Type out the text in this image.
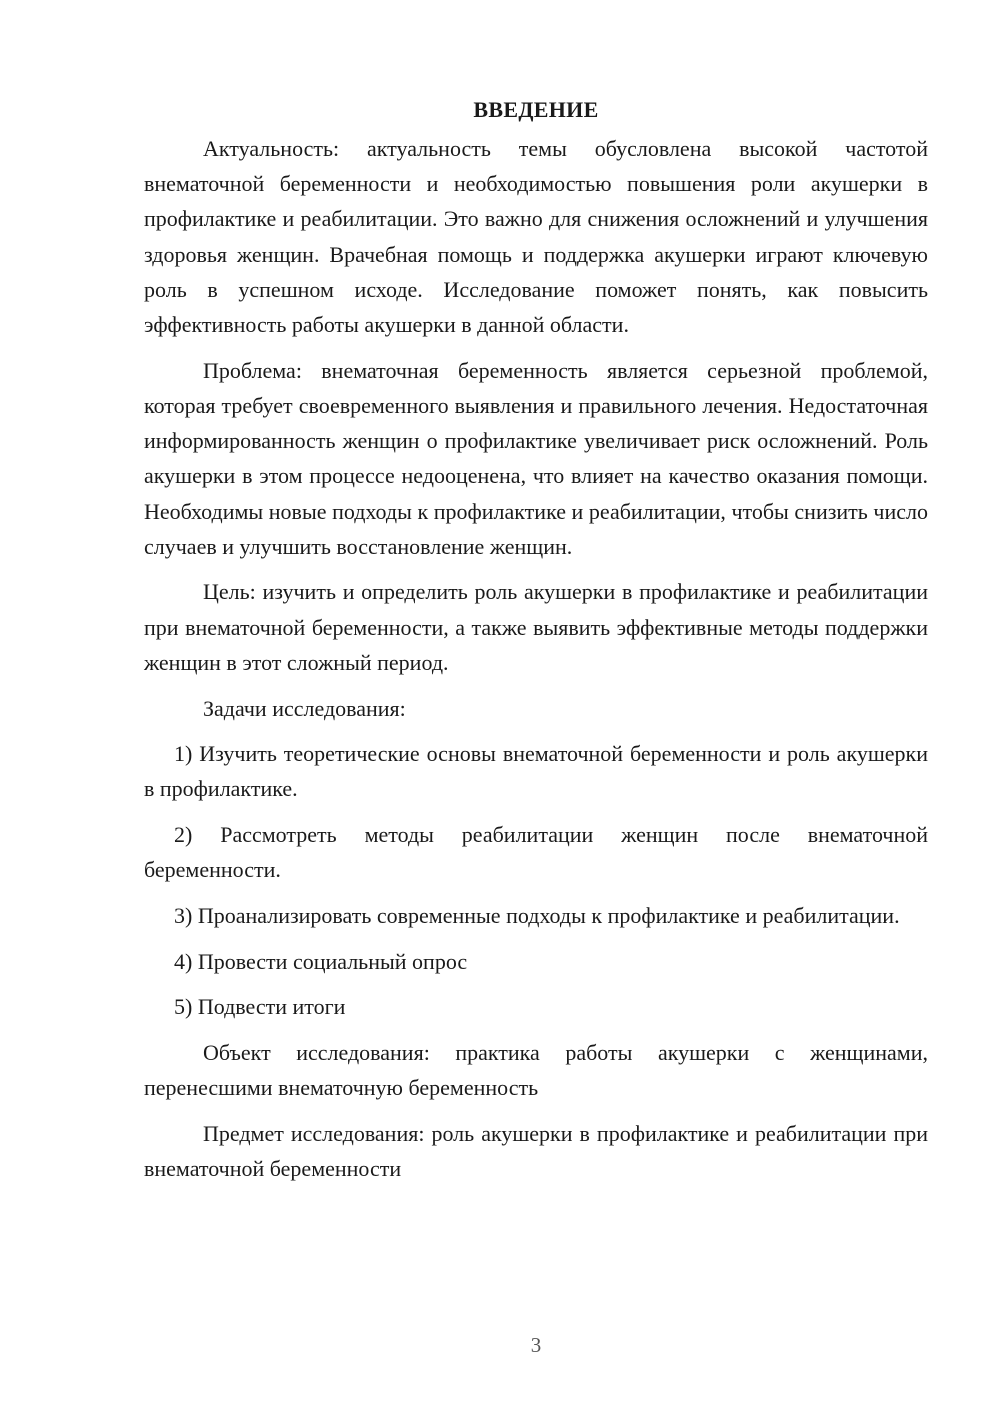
ВВЕДЕНИЕ

Актуальность: актуальность темы обусловлена высокой частотой внематочной беременности и необходимостью повышения роли акушерки в профилактике и реабилитации. Это важно для снижения осложнений и улучшения здоровья женщин. Врачебная помощь и поддержка акушерки играют ключевую роль в успешном исходе. Исследование поможет понять, как повысить эффективность работы акушерки в данной области.

Проблема: внематочная беременность является серьезной проблемой, которая требует своевременного выявления и правильного лечения. Недостаточная информированность женщин о профилактике увеличивает риск осложнений. Роль акушерки в этом процессе недооценена, что влияет на качество оказания помощи. Необходимы новые подходы к профилактике и реабилитации, чтобы снизить число случаев и улучшить восстановление женщин.

Цель: изучить и определить роль акушерки в профилактике и реабилитации при внематочной беременности, а также выявить эффективные методы поддержки женщин в этот сложный период.

Задачи исследования:

1) Изучить теоретические основы внематочной беременности и роль акушерки в профилактике.

2) Рассмотреть методы реабилитации женщин после внематочной беременности.

3) Проанализировать современные подходы к профилактике и реабилитации.

4) Провести социальный опрос

5) Подвести итоги

Объект исследования: практика работы акушерки с женщинами, перенесшими внематочную беременность

Предмет исследования: роль акушерки в профилактике и реабилитации при внематочной беременности

3
